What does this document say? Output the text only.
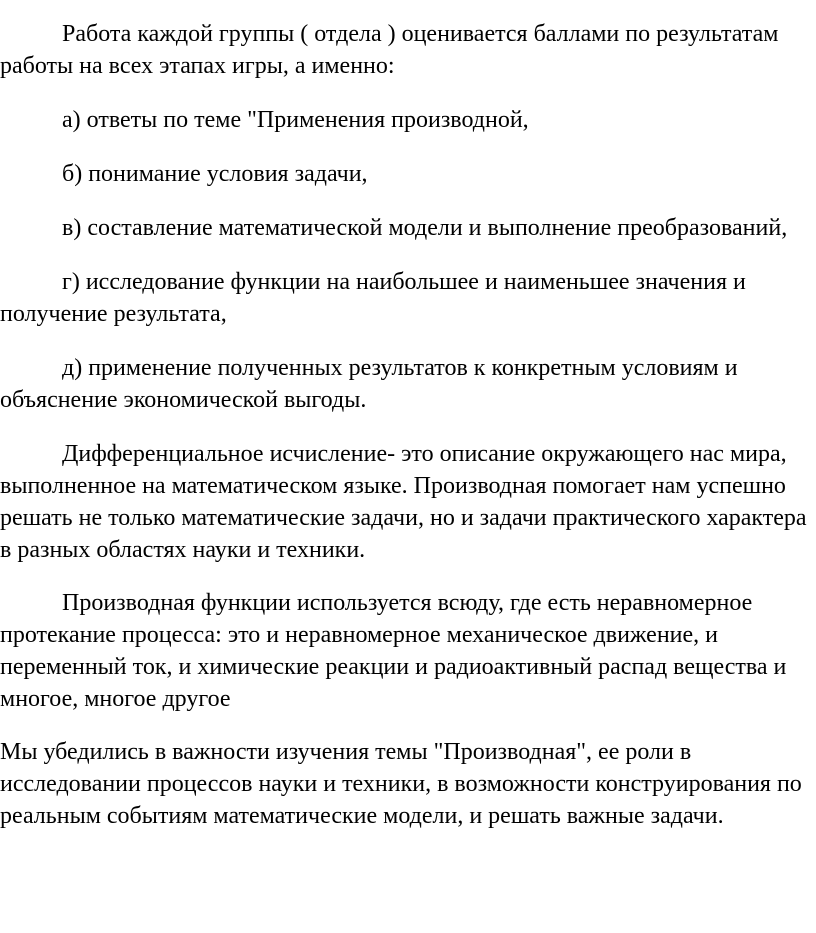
Работа каждой группы ( отдела ) оценивается баллами по результатам работы на всех этапах игры, а именно:

а) ответы по теме "Применения производной,

б) понимание условия задачи,

в) составление математической модели и выполнение преобразований,

г) исследование функции на наибольшее и наименьшее значения и получение результата,

д) применение полученных результатов к конкретным условиям и объяснение экономической выгоды.

Дифференциальное исчисление- это описание окружающего нас мира, выполненное на математическом языке. Производная помогает нам успешно решать не только математические задачи, но и задачи практического характера в разных областях науки и техники.

Производная функции используется всюду, где есть неравномерное протекание процесса: это и неравномерное механическое движение, и переменный ток, и химические реакции и радиоактивный распад вещества и многое, многое другое

Мы убедились в важности изучения темы "Производная", ее роли в исследовании процессов науки и техники, в возможности конструирования по реальным событиям математические модели, и решать важные задачи.
